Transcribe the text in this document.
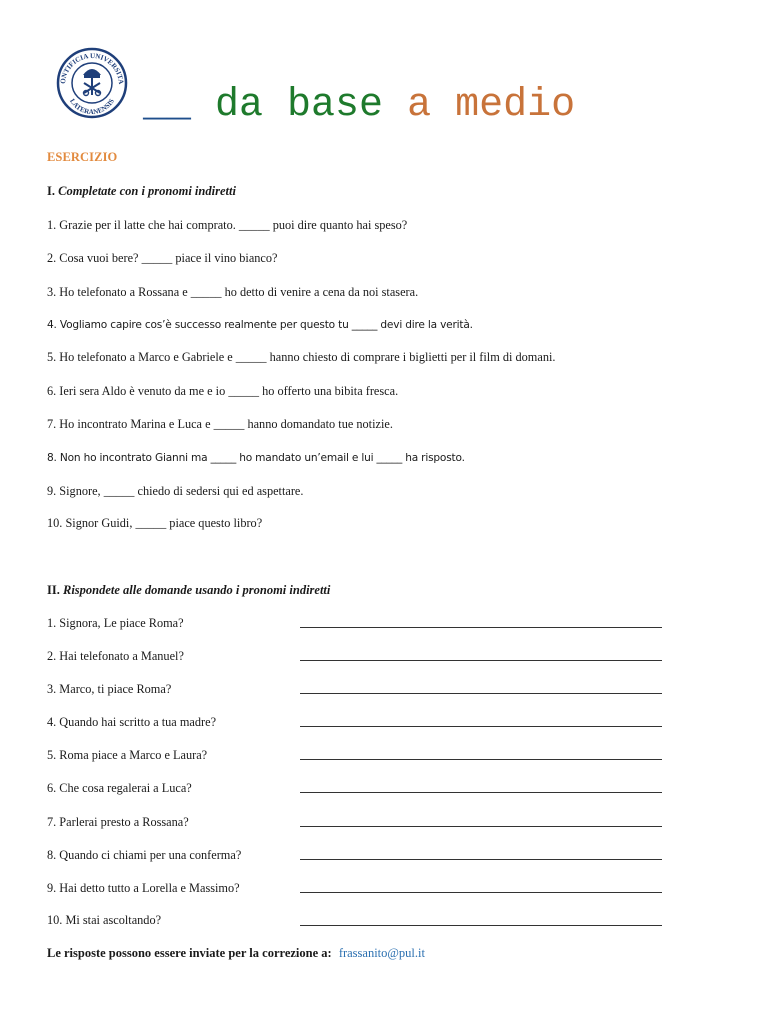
ONTIFICIA UNIVERSITA
LATERANENSIS __ da base a medio
ESERCIZIO
I. Completate con i pronomi indiretti
1. Grazie per il latte che hai comprato. _____ puoi dire quanto hai speso?
2. Cosa vuoi bere? _____ piace il vino bianco?
3. Ho telefonato a Rossana e _____ ho detto di venire a cena da noi stasera.
4. Vogliamo capire cos’è successo realmente per questo tu _____ devi dire la verità.
5. Ho telefonato a Marco e Gabriele e _____ hanno chiesto di comprare i biglietti per il film di domani.
6. Ieri sera Aldo è venuto da me e io _____ ho offerto una bibita fresca.
7. Ho incontrato Marina e Luca e _____ hanno domandato tue notizie.
8. Non ho incontrato Gianni ma _____ ho mandato un’email e lui _____ ha risposto.
9. Signore, _____ chiedo di sedersi qui ed aspettare.
10. Signor Guidi, _____ piace questo libro?
II. Rispondete alle domande usando i pronomi indiretti
1. Signora, Le piace Roma?
2. Hai telefonato a Manuel?
3. Marco, ti piace Roma?
4. Quando hai scritto a tua madre?
5. Roma piace a Marco e Laura?
6. Che cosa regalerai a Luca?
7. Parlerai presto a Rossana?
8. Quando ci chiami per una conferma?
9. Hai detto tutto a Lorella e Massimo?
10. Mi stai ascoltando?
Le risposte possono essere inviate per la correzione a: frassanito@pul.it
